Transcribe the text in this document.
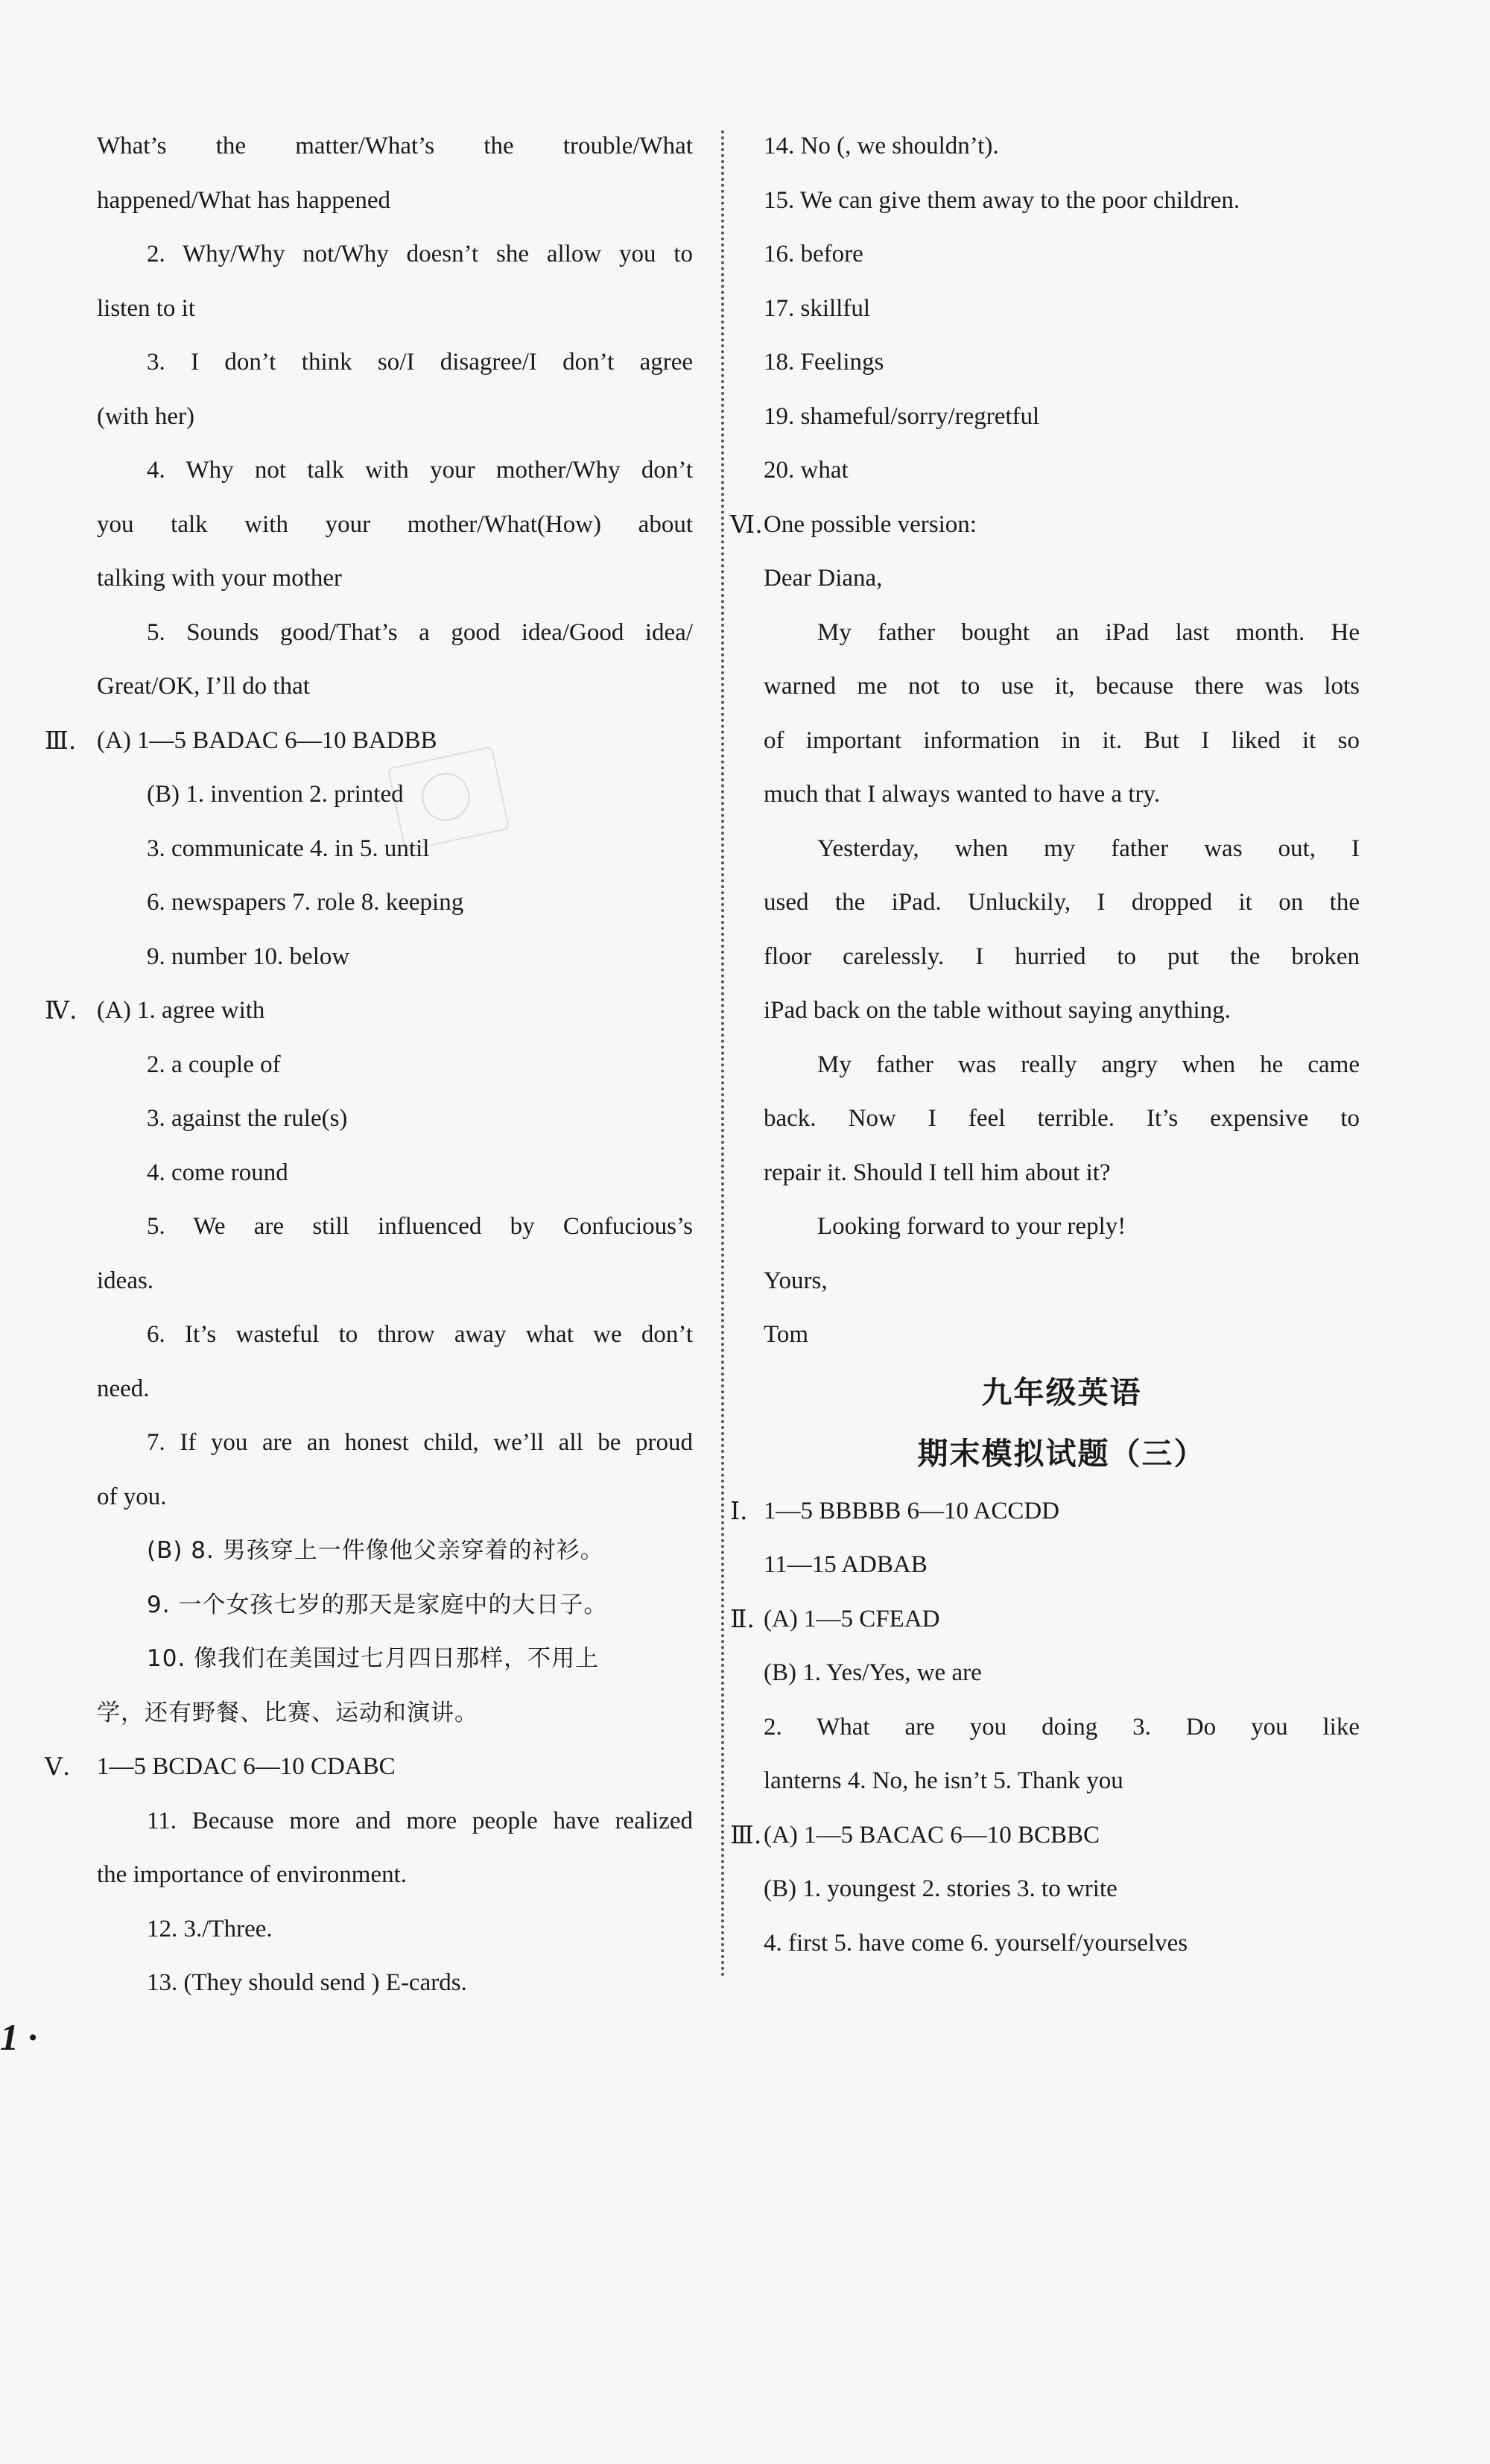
What’s the matter/What’s the trouble/What
happened/What has happened
2. Why/Why not/Why doesn’t she allow you to
listen to it
3. I don’t think so/I disagree/I don’t agree
(with her)
4. Why not talk with your mother/Why don’t
you talk with your mother/What(How) about
talking with your mother
5. Sounds good/That’s a good idea/Good idea/
Great/OK, I’ll do that
Ⅲ. (A) 1—5 BADAC 6—10 BADBB
(B) 1. invention 2. printed
3. communicate 4. in 5. until
6. newspapers 7. role 8. keeping
9. number 10. below
Ⅳ. (A) 1. agree with
2. a couple of
3. against the rule(s)
4. come round
5. We are still influenced by Confucious’s
ideas.
6. It’s wasteful to throw away what we don’t
need.
7. If you are an honest child, we’ll all be proud
of you.
(B) 8. 男孩穿上一件像他父亲穿着的衬衫。
9. 一个女孩七岁的那天是家庭中的大日子。
10. 像我们在美国过七月四日那样，不用上
学，还有野餐、比赛、运动和演讲。
Ⅴ. 1—5 BCDAC 6—10 CDABC
11. Because more and more people have realized
the importance of environment.
12. 3./Three.
13. (They should send ) E-cards.
14. No (, we shouldn’t).
15. We can give them away to the poor children.
16. before
17. skillful
18. Feelings
19. shameful/sorry/regretful
20. what
Ⅵ. One possible version:
Dear Diana,
My father bought an iPad last month. He
warned me not to use it, because there was lots
of important information in it. But I liked it so
much that I always wanted to have a try.
Yesterday, when my father was out, I
used the iPad. Unluckily, I dropped it on the
floor carelessly. I hurried to put the broken
iPad back on the table without saying anything.
My father was really angry when he came
back. Now I feel terrible. It’s expensive to
repair it. Should I tell him about it?
Looking forward to your reply!
Yours,
Tom
九年级英语
期末模拟试题（三）
Ⅰ. 1—5 BBBBB 6—10 ACCDD
11—15 ADBAB
Ⅱ. (A) 1—5 CFEAD
(B) 1. Yes/Yes, we are
2. What are you doing 3. Do you like
lanterns 4. No, he isn’t 5. Thank you
Ⅲ. (A) 1—5 BACAC 6—10 BCBBC
(B) 1. youngest 2. stories 3. to write
4. first 5. have come 6. yourself/yourselves
1 ·
